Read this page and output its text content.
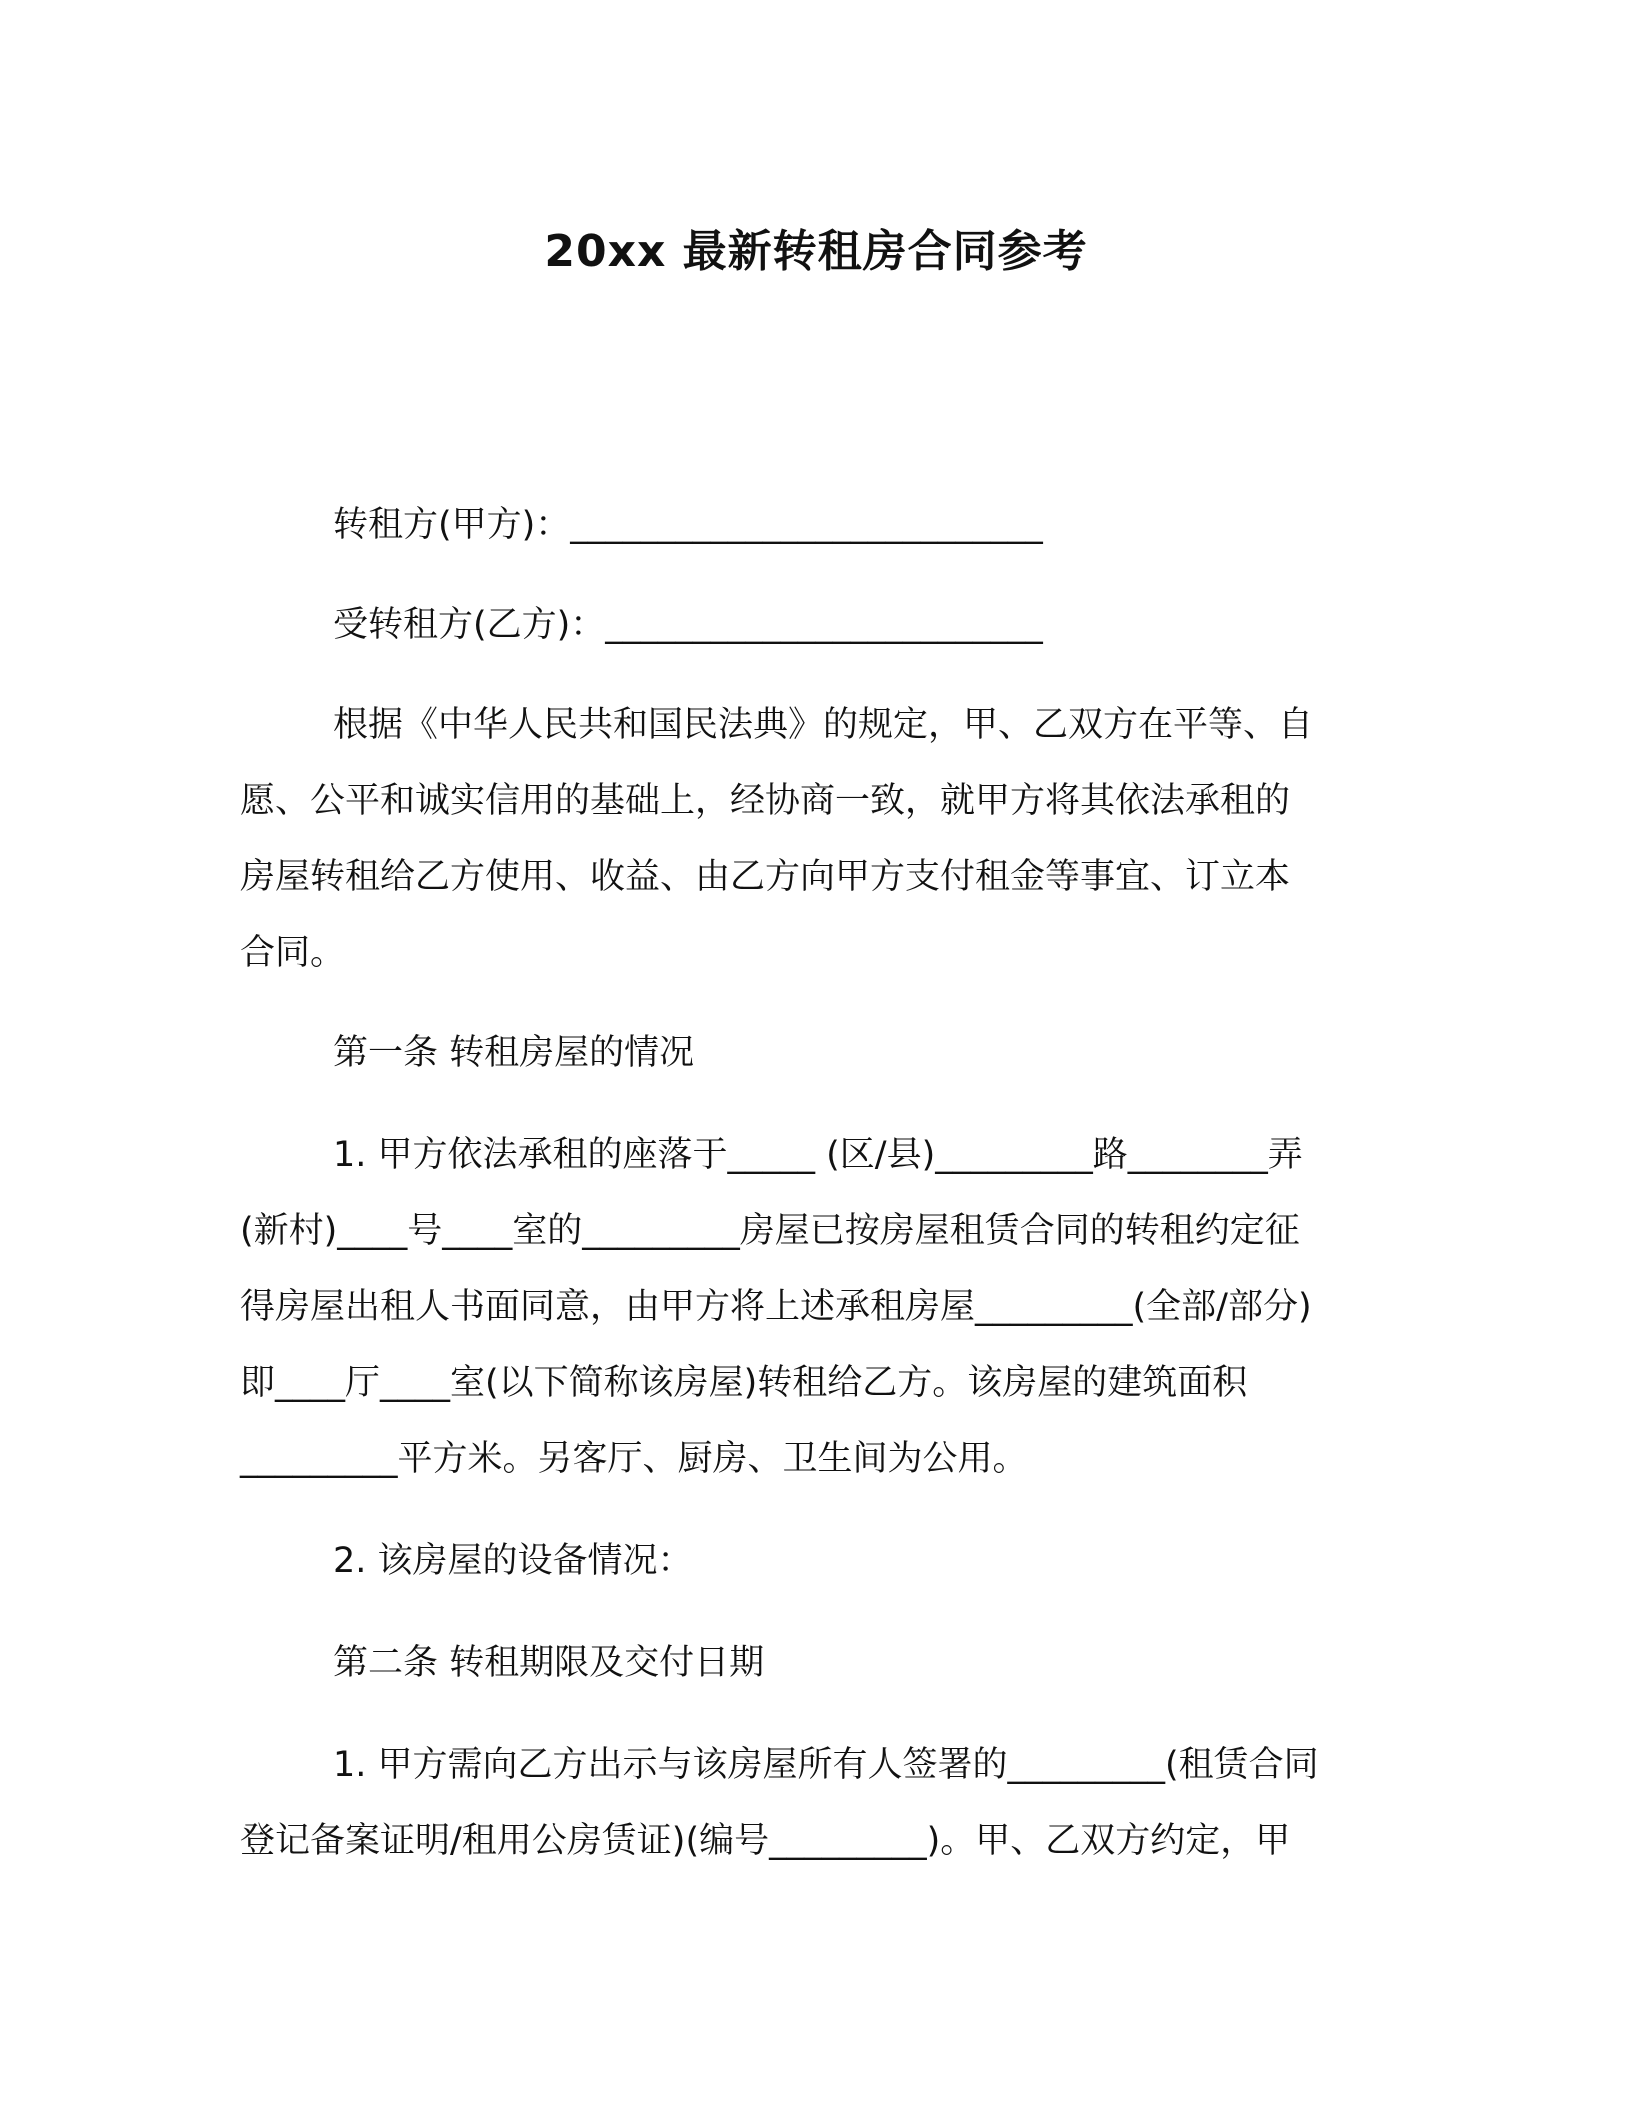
20xx 最新转租房合同参考
转租方(甲方)：___________________________
受转租方(乙方)：_________________________
根据《中华人民共和国民法典》的规定，甲、乙双方在平等、自
愿、公平和诚实信用的基础上，经协商一致，就甲方将其依法承租的
房屋转租给乙方使用、收益、由乙方向甲方支付租金等事宜、订立本
合同。
第一条 转租房屋的情况
1. 甲方依法承租的座落于_____ (区/县)_________路________弄
(新村)____号____室的_________房屋已按房屋租赁合同的转租约定征
得房屋出租人书面同意，由甲方将上述承租房屋_________(全部/部分)
即____厅____室(以下简称该房屋)转租给乙方。该房屋的建筑面积
_________平方米。另客厅、厨房、卫生间为公用。
2. 该房屋的设备情况：
第二条 转租期限及交付日期
1. 甲方需向乙方出示与该房屋所有人签署的_________(租赁合同
登记备案证明/租用公房赁证)(编号_________)。甲、乙双方约定，甲
